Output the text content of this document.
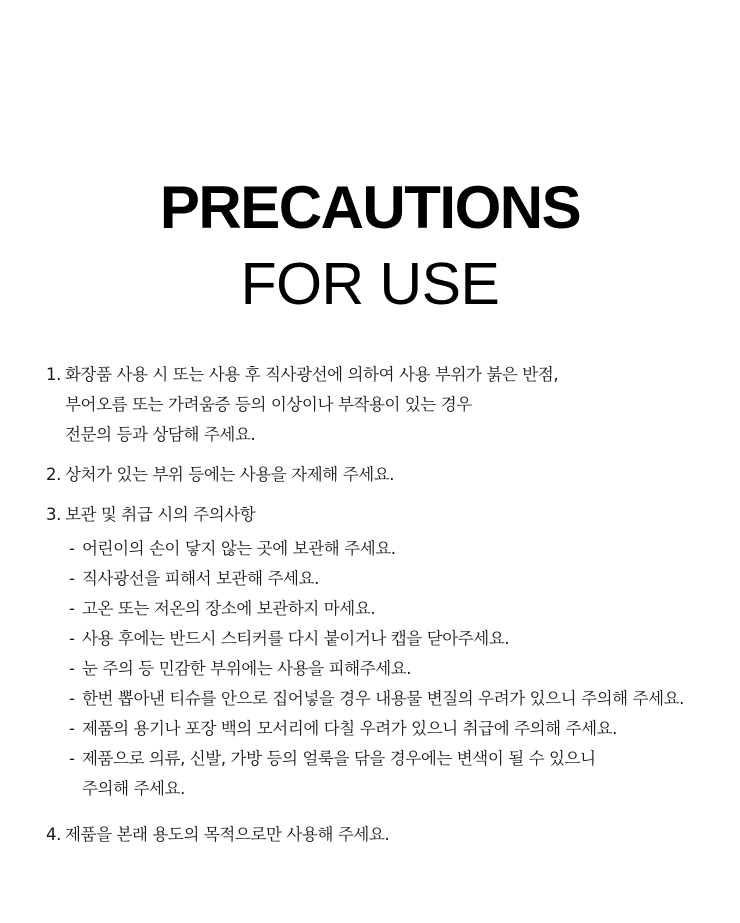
PRECAUTIONS
FOR USE
1. 화장품 사용 시 또는 사용 후 직사광선에 의하여 사용 부위가 붉은 반점,
부어오름 또는 가려움증 등의 이상이나 부작용이 있는 경우
전문의 등과 상담해 주세요.
2. 상처가 있는 부위 등에는 사용을 자제해 주세요.
3. 보관 및 취급 시의 주의사항
- 어린이의 손이 닿지 않는 곳에 보관해 주세요.
- 직사광선을 피해서 보관해 주세요.
- 고온 또는 저온의 장소에 보관하지 마세요.
- 사용 후에는 반드시 스티커를 다시 붙이거나 캡을 닫아주세요.
- 눈 주의 등 민감한 부위에는 사용을 피해주세요.
- 한번 뽑아낸 티슈를 안으로 집어넣을 경우 내용물 변질의 우려가 있으니 주의해 주세요.
- 제품의 용기나 포장 백의 모서리에 다칠 우려가 있으니 취급에 주의해 주세요.
- 제품으로 의류, 신발, 가방 등의 얼룩을 닦을 경우에는 변색이 될 수 있으니
주의해 주세요.
4. 제품을 본래 용도의 목적으로만 사용해 주세요.
